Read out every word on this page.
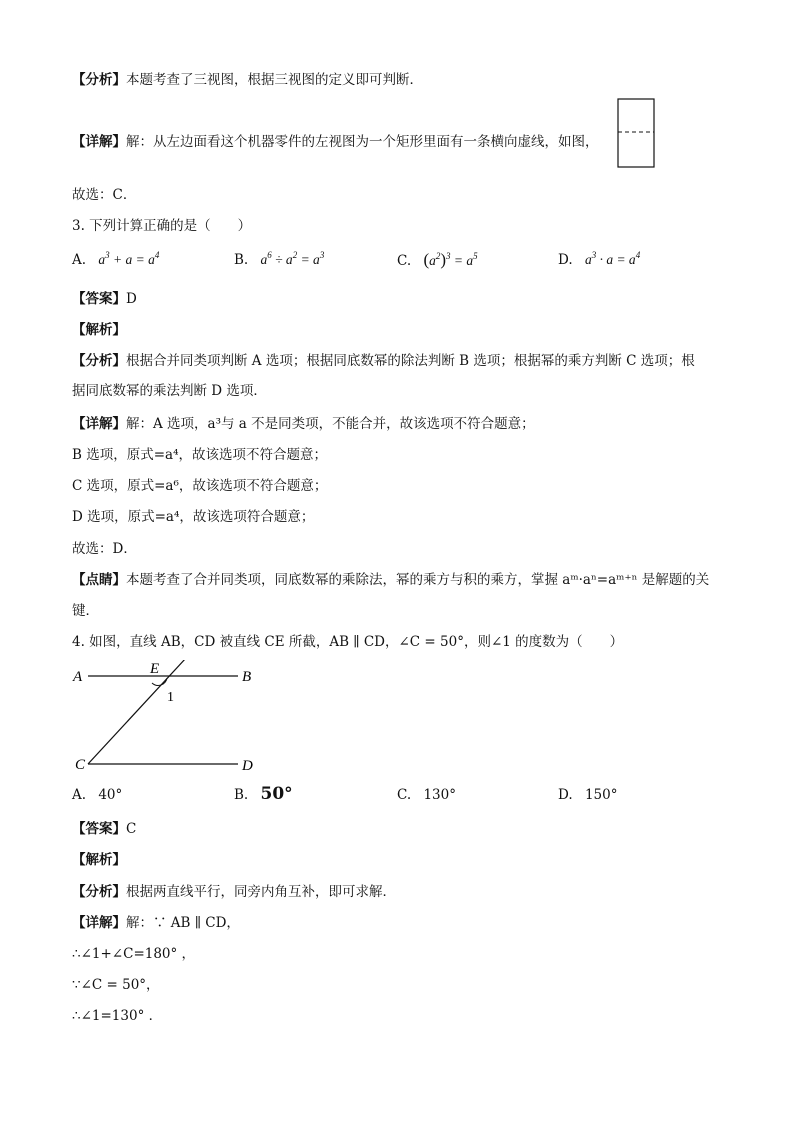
【分析】本题考查了三视图，根据三视图的定义即可判断．
【详解】解：从左边面看这个机器零件的左视图为一个矩形里面有一条横向虚线，如图，
故选：C．
3. 下列计算正确的是（　　）
A. $a^3 + a = a^4$	B. $a^6 \div a^2 = a^3$	C. $(a^2)^3 = a^5$	D. $a^3 \cdot a = a^4$
【答案】D
【解析】
【分析】根据合并同类项判断 A 选项；根据同底数幂的除法判断 B 选项；根据幂的乘方判断 C 选项；根
据同底数幂的乘法判断 D 选项．
【详解】解：A 选项，a³与 a 不是同类项，不能合并，故该选项不符合题意；
B 选项，原式=a⁴，故该选项不符合题意；
C 选项，原式=a⁶，故该选项不符合题意；
D 选项，原式=a⁴，故该选项符合题意；
故选：D．
【点睛】本题考查了合并同类项，同底数幂的乘除法，幂的乘方与积的乘方，掌握 aᵐ·aⁿ=aᵐ⁺ⁿ 是解题的关
键．
4. 如图，直线 AB，CD 被直线 CE 所截，AB ∥ CD，∠C = 50°，则∠1 的度数为（　　）
A	B
C	D
E
1
A. 40°	B. 50°	C. 130°	D. 150°
【答案】C
【解析】
【分析】根据两直线平行，同旁内角互补，即可求解．
【详解】解：∵ AB ∥ CD，
∴∠1+∠C=180° ，
∵∠C = 50°，
∴∠1=130° ．
